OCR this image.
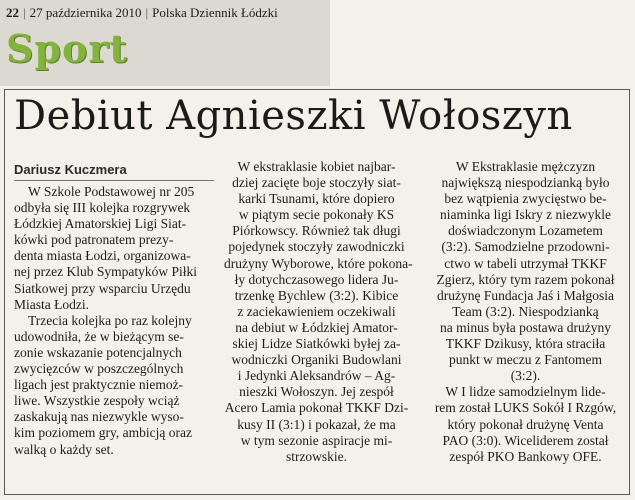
22 | 27 października 2010 | Polska Dziennik Łódzki
Sport
Debiut Agnieszki Wołoszyn
Dariusz Kuczmera
W Szkole Podstawowej nr 205
odbyła się III kolejka rozgrywek
Łódzkiej Amatorskiej Ligi Siat-
kówki pod patronatem prezy-
denta miasta Łodzi, organizowa-
nej przez Klub Sympatyków Piłki
Siatkowej przy wsparciu Urzędu
Miasta Łodzi.
Trzecia kolejka po raz kolejny
udowodniła, że w bieżącym se-
zonie wskazanie potencjalnych
zwycięzców w poszczególnych
ligach jest praktycznie niemoż-
liwe. Wszystkie zespoły wciąż
zaskakują nas niezwykle wyso-
kim poziomem gry, ambicją oraz
walką o każdy set.
W ekstraklasie kobiet najbar-
dziej zacięte boje stoczyły siat-
karki Tsunami, które dopiero
w piątym secie pokonały KS
Piórkowscy. Również tak długi
pojedynek stoczyły zawodniczki
drużyny Wyborowe, które pokona-
ły dotychczasowego lidera Ju-
trzenkę Bychlew (3:2). Kibice
z zaciekawieniem oczekiwali
na debiut w Łódzkiej Amator-
skiej Lidze Siatkówki byłej za-
wodniczki Organiki Budowlani
i Jedynki Aleksandrów – Ag-
nieszki Wołoszyn. Jej zespół
Acero Lamia pokonał TKKF Dzi-
kusy II (3:1) i pokazał, że ma
w tym sezonie aspiracje mi-
strzowskie.
W Ekstraklasie mężczyzn
największą niespodzianką było
bez wątpienia zwycięstwo be-
niaminka ligi Iskry z niezwykle
doświadczonym Lozametem
(3:2). Samodzielne przodowni-
ctwo w tabeli utrzymał TKKF
Zgierz, który tym razem pokonał
drużynę Fundacja Jaś i Małgosia
Team (3:2). Niespodzianką
na minus była postawa drużyny
TKKF Dzikusy, która straciła
punkt w meczu z Fantomem
(3:2).
W I lidze samodzielnym lide-
rem został LUKS Sokół I Rzgów,
który pokonał drużynę Venta
PAO (3:0). Wiceliderem został
zespół PKO Bankowy OFE.
